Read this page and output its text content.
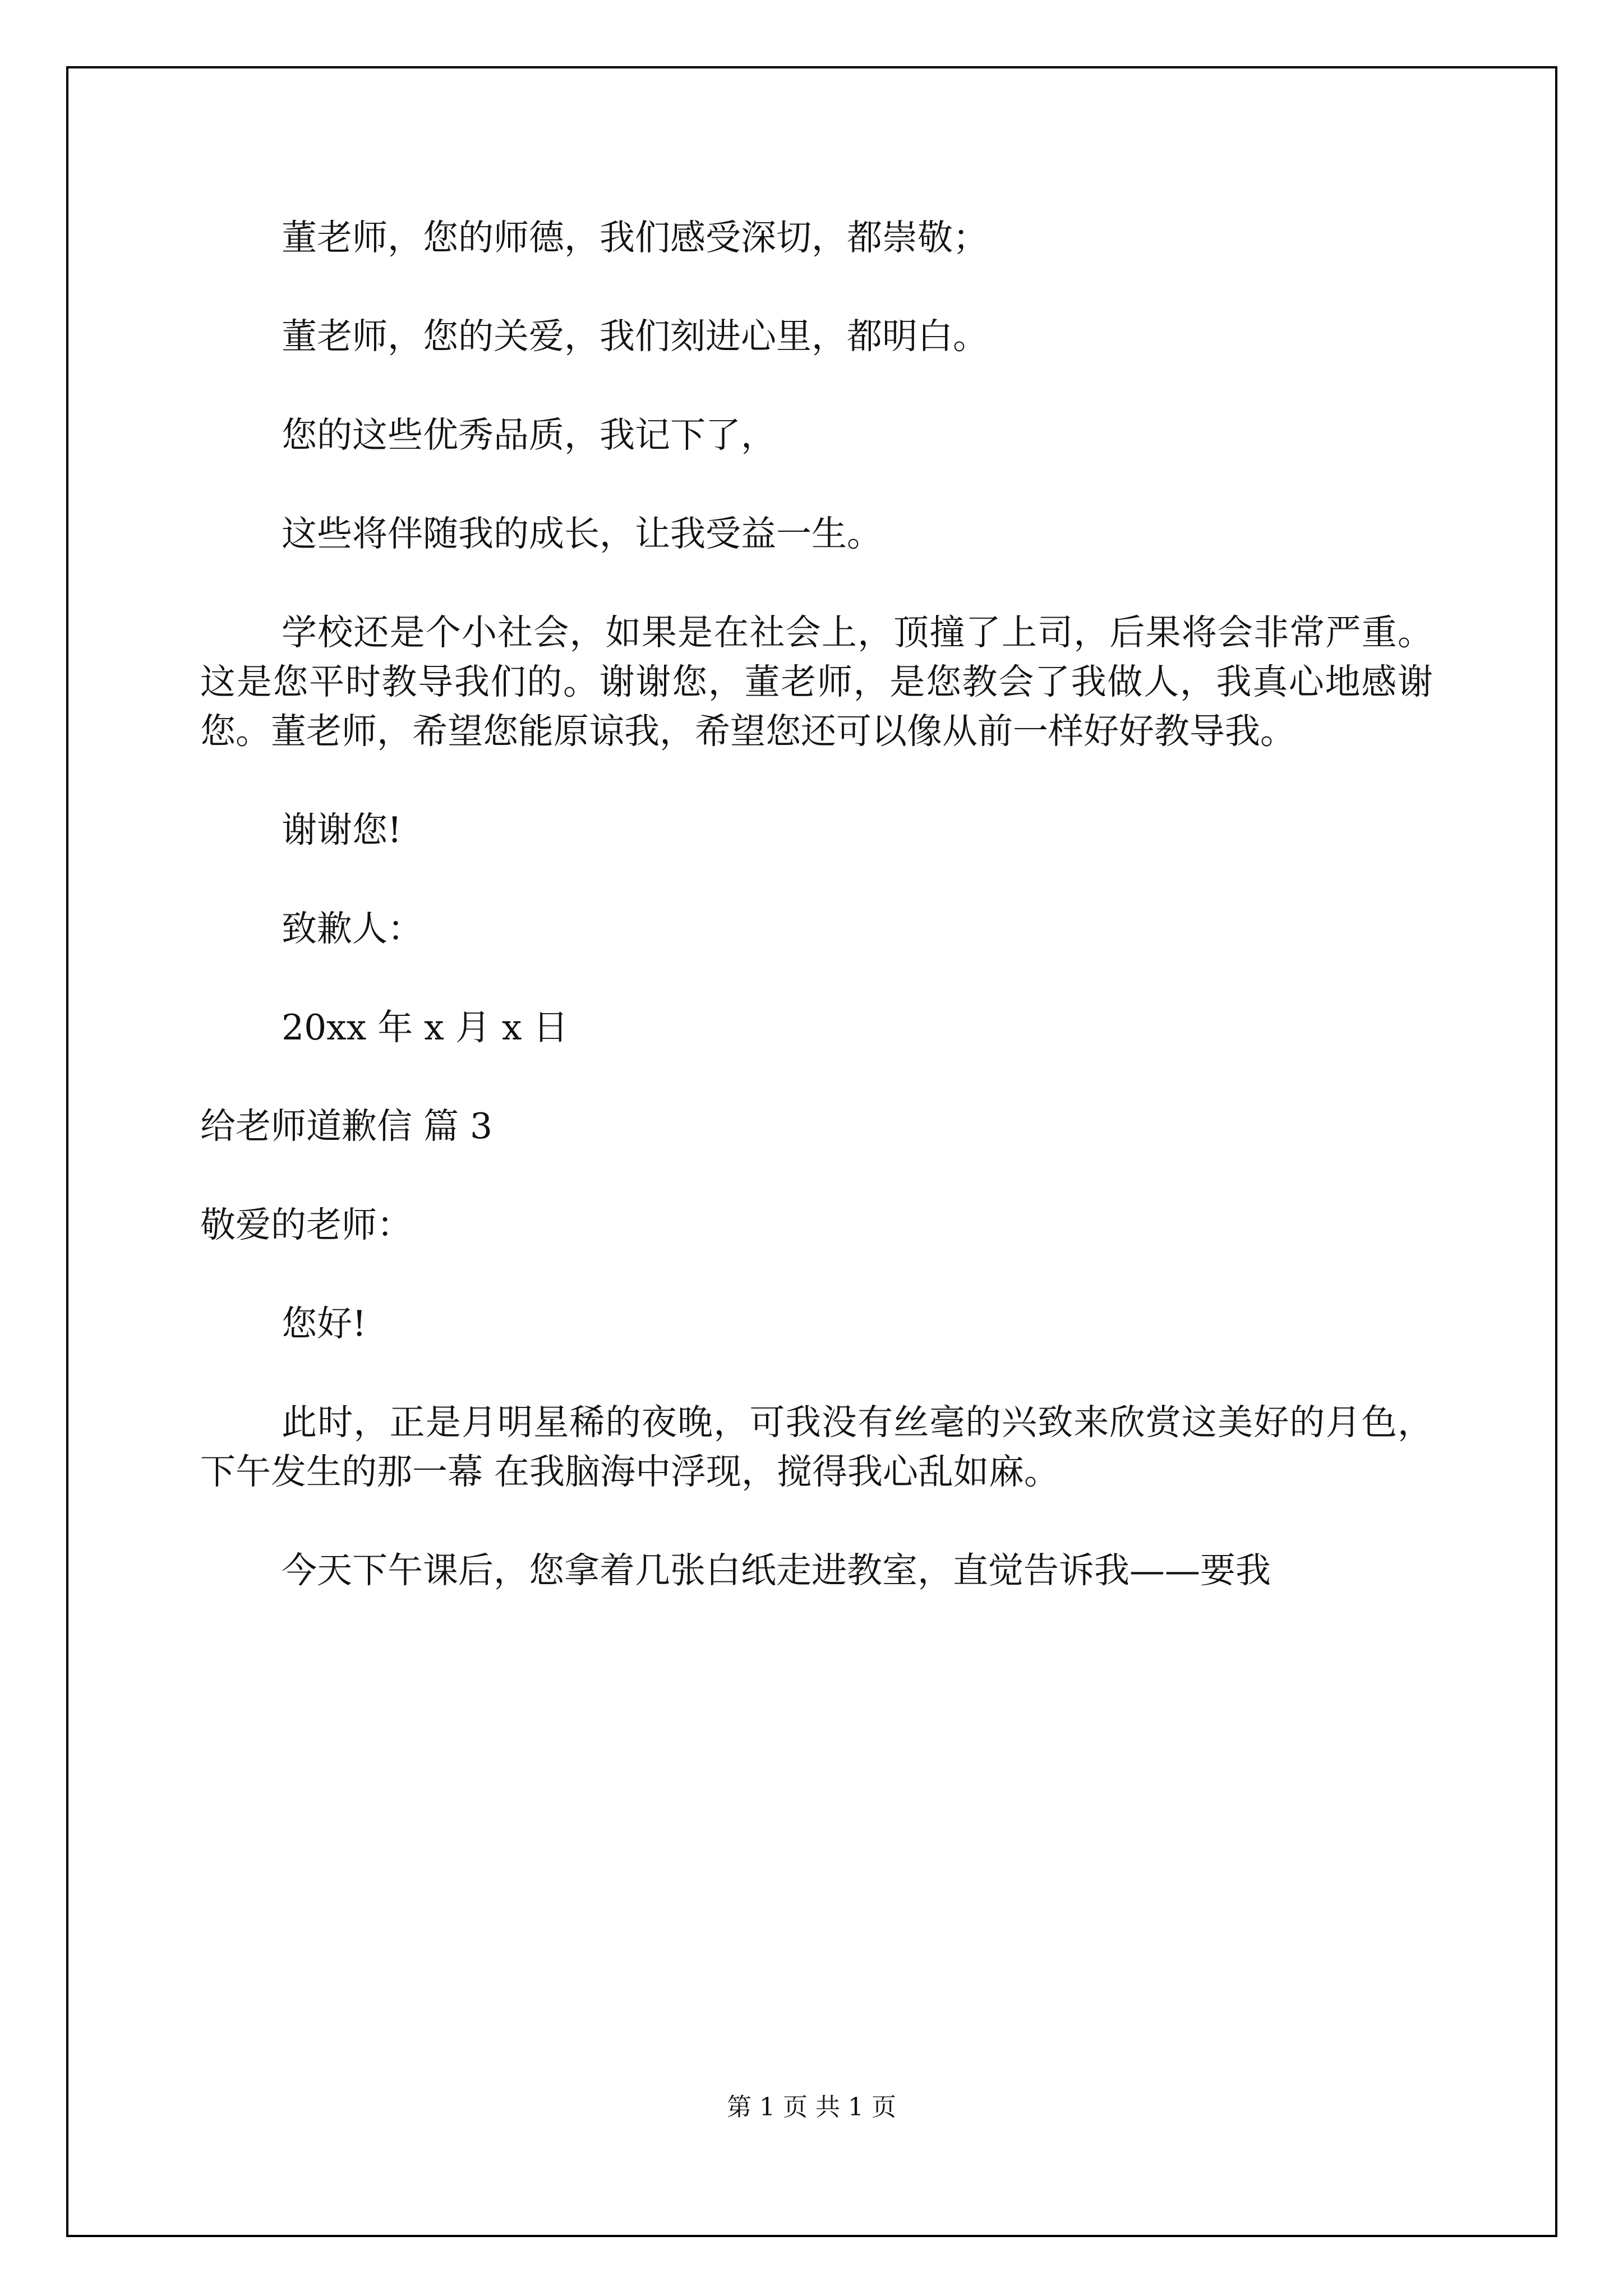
董老师，您的师德，我们感受深切，都崇敬；

董老师，您的关爱，我们刻进心里，都明白。

您的这些优秀品质，我记下了，

这些将伴随我的成长，让我受益一生。

学校还是个小社会，如果是在社会上，顶撞了上司，后果将会非常严重。这是您平时教导我们的。谢谢您，董老师，是您教会了我做人，我真心地感谢您。董老师，希望您能原谅我，希望您还可以像从前一样好好教导我。

谢谢您!

致歉人：

20xx 年 x 月 x 日

给老师道歉信 篇 3

敬爱的老师：

您好!

此时，正是月明星稀的夜晚，可我没有丝毫的兴致来欣赏这美好的月色，下午发生的那一幕 在我脑海中浮现，搅得我心乱如麻。

今天下午课后，您拿着几张白纸走进教室，直觉告诉我——要我

第 1 页 共 1 页
